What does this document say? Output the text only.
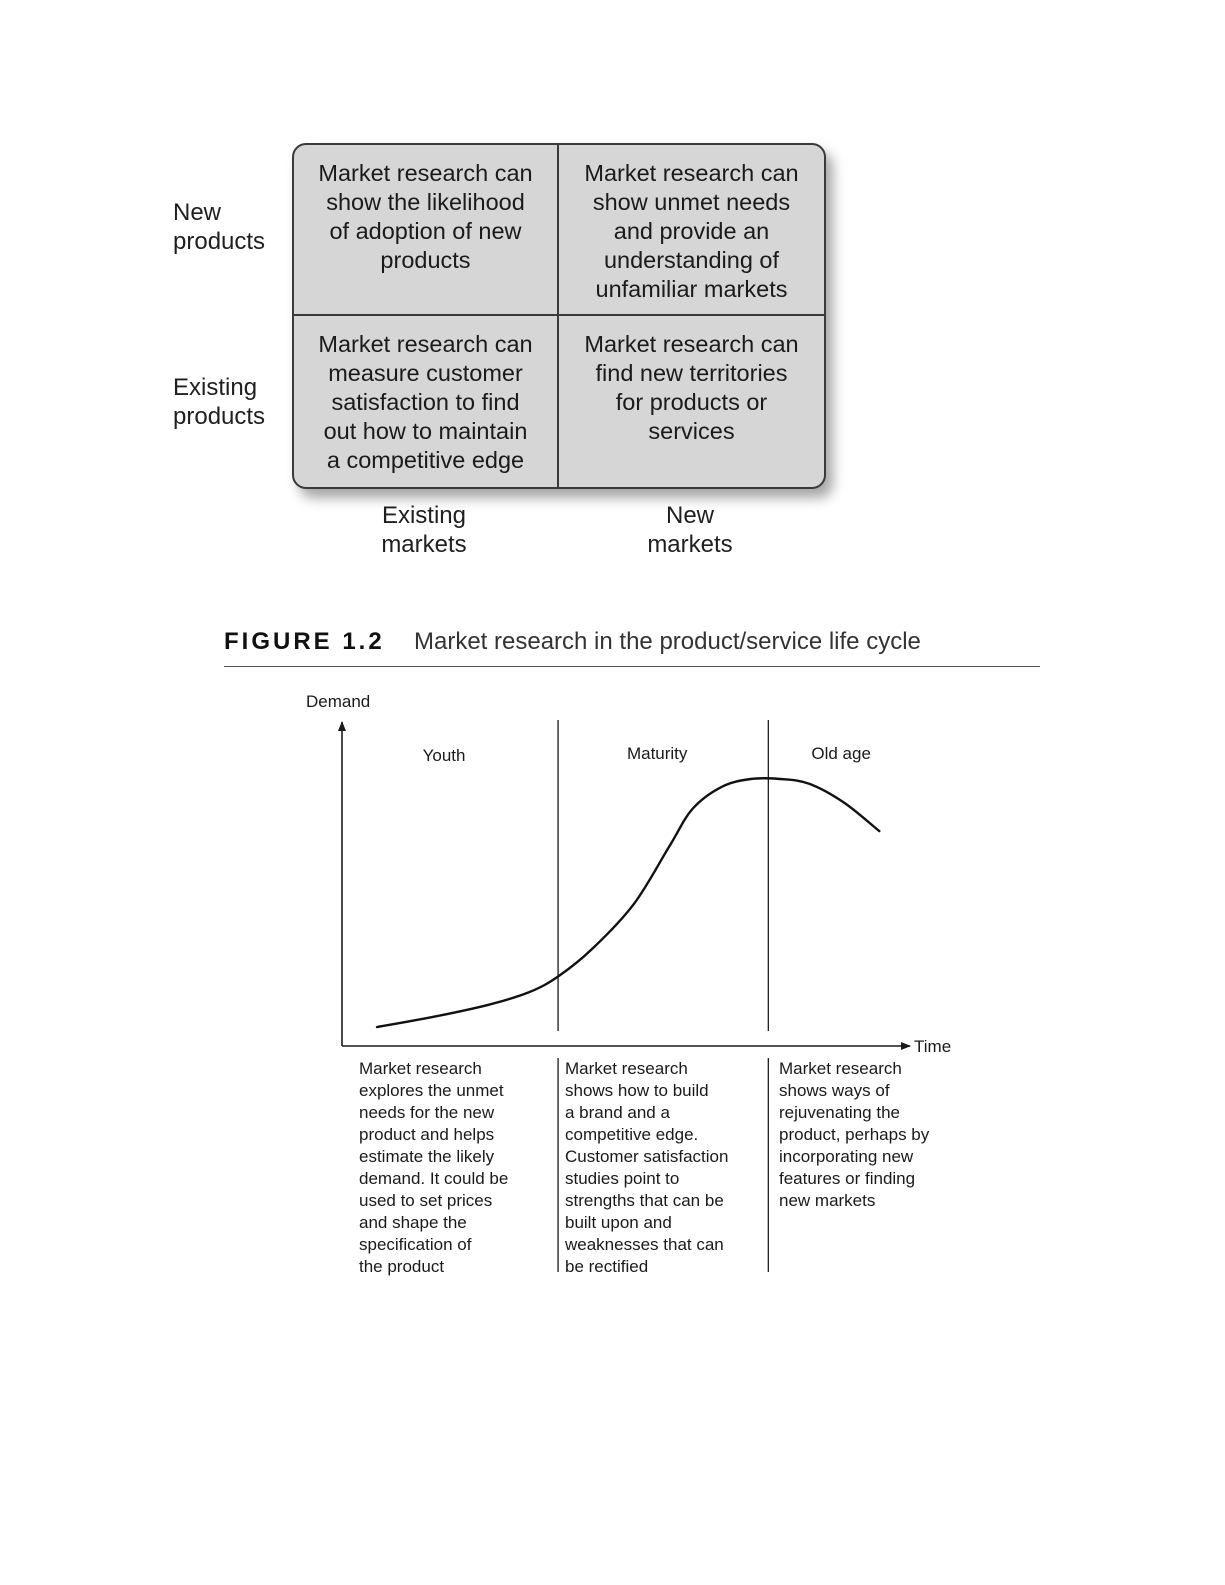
New
products
Existing
products
Market research can
show the likelihood
of adoption of new
products
Market research can
show unmet needs
and provide an
understanding of
unfamiliar markets
Market research can
measure customer
satisfaction to find
out how to maintain
a competitive edge
Market research can
find new territories
for products or
services
Existing
markets
New
markets
FIGURE 1.2 Market research in the product/service life cycle
Demand
Time
Youth	Maturity	Old age
Market research
explores the unmet
needs for the new
product and helps
estimate the likely
demand. It could be
used to set prices
and shape the
specification of
the product
Market research
shows how to build
a brand and a
competitive edge.
Customer satisfaction
studies point to
strengths that can be
built upon and
weaknesses that can
be rectified
Market research
shows ways of
rejuvenating the
product, perhaps by
incorporating new
features or finding
new markets
